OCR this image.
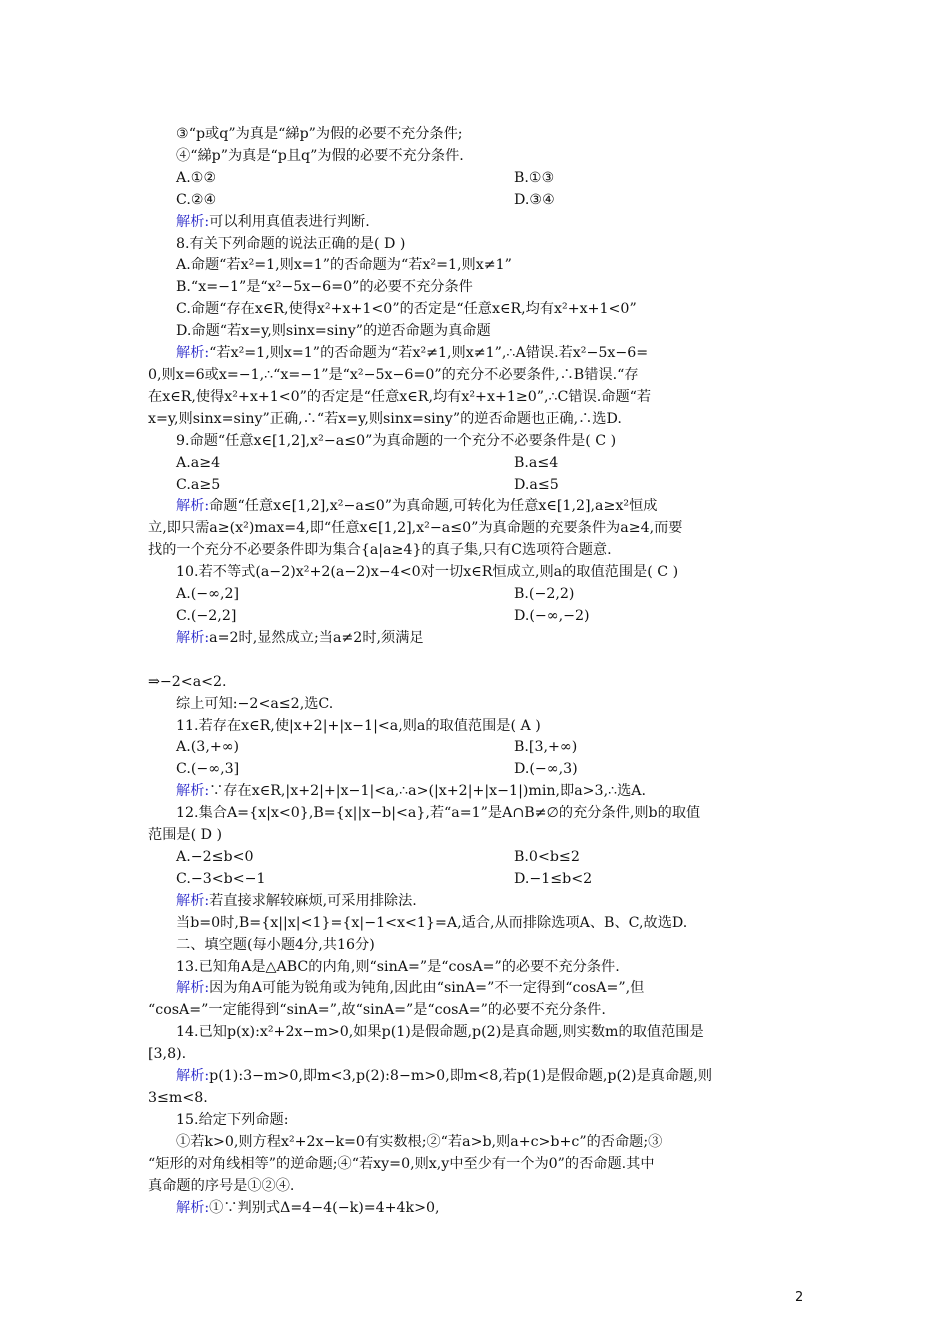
③“p或q”为真是“綈p”为假的必要不充分条件;
④“綈p”为真是“p且q”为假的必要不充分条件.
A.①②	B.①③
C.②④	D.③④
解析:可以利用真值表进行判断.
8.有关下列命题的说法正确的是( D )
A.命题“若x²=1,则x=1”的否命题为“若x²=1,则x≠1”
B.“x=−1”是“x²−5x−6=0”的必要不充分条件
C.命题“存在x∈R,使得x²+x+1<0”的否定是“任意x∈R,均有x²+x+1<0”
D.命题“若x=y,则sinx=siny”的逆否命题为真命题
解析:“若x²=1,则x=1”的否命题为“若x²≠1,则x≠1”,∴A错误.若x²−5x−6=
0,则x=6或x=−1,∴“x=−1”是“x²−5x−6=0”的充分不必要条件,∴B错误.“存
在x∈R,使得x²+x+1<0”的否定是“任意x∈R,均有x²+x+1≥0”,∴C错误.命题“若
x=y,则sinx=siny”正确,∴“若x=y,则sinx=siny”的逆否命题也正确,∴选D.
9.命题“任意x∈[1,2],x²−a≤0”为真命题的一个充分不必要条件是( C )
A.a≥4	B.a≤4
C.a≥5	D.a≤5
解析:命题“任意x∈[1,2],x²−a≤0”为真命题,可转化为任意x∈[1,2],a≥x²恒成
立,即只需a≥(x²)max=4,即“任意x∈[1,2],x²−a≤0”为真命题的充要条件为a≥4,而要
找的一个充分不必要条件即为集合{a|a≥4}的真子集,只有C选项符合题意.
10.若不等式(a−2)x²+2(a−2)x−4<0对一切x∈R恒成立,则a的取值范围是( C )
A.(−∞,2]	B.(−2,2)
C.(−2,2]	D.(−∞,−2)
解析:a=2时,显然成立;当a≠2时,须满足
⇒−2<a<2.
综上可知:−2<a≤2,选C.
11.若存在x∈R,使|x+2|+|x−1|<a,则a的取值范围是( A )
A.(3,+∞)	B.[3,+∞)
C.(−∞,3]	D.(−∞,3)
解析:∵存在x∈R,|x+2|+|x−1|<a,∴a>(|x+2|+|x−1|)min,即a>3,∴选A.
12.集合A={x|x<0},B={x||x−b|<a},若“a=1”是A∩B≠∅的充分条件,则b的取值
范围是( D )
A.−2≤b<0	B.0<b≤2
C.−3<b<−1	D.−1≤b<2
解析:若直接求解较麻烦,可采用排除法.
当b=0时,B={x||x|<1}={x|−1<x<1}=A,适合,从而排除选项A、B、C,故选D.
二、填空题(每小题4分,共16分)
13.已知角A是△ABC的内角,则“sinA=”是“cosA=”的必要不充分条件.
解析:因为角A可能为锐角或为钝角,因此由“sinA=”不一定得到“cosA=”,但
“cosA=”一定能得到“sinA=”,故“sinA=”是“cosA=”的必要不充分条件.
14.已知p(x):x²+2x−m>0,如果p(1)是假命题,p(2)是真命题,则实数m的取值范围是
[3,8).
解析:p(1):3−m>0,即m<3,p(2):8−m>0,即m<8,若p(1)是假命题,p(2)是真命题,则
3≤m<8.
15.给定下列命题:
①若k>0,则方程x²+2x−k=0有实数根;②“若a>b,则a+c>b+c”的否命题;③
“矩形的对角线相等”的逆命题;④“若xy=0,则x,y中至少有一个为0”的否命题.其中
真命题的序号是①②④.
解析:①∵判别式Δ=4−4(−k)=4+4k>0,
2
